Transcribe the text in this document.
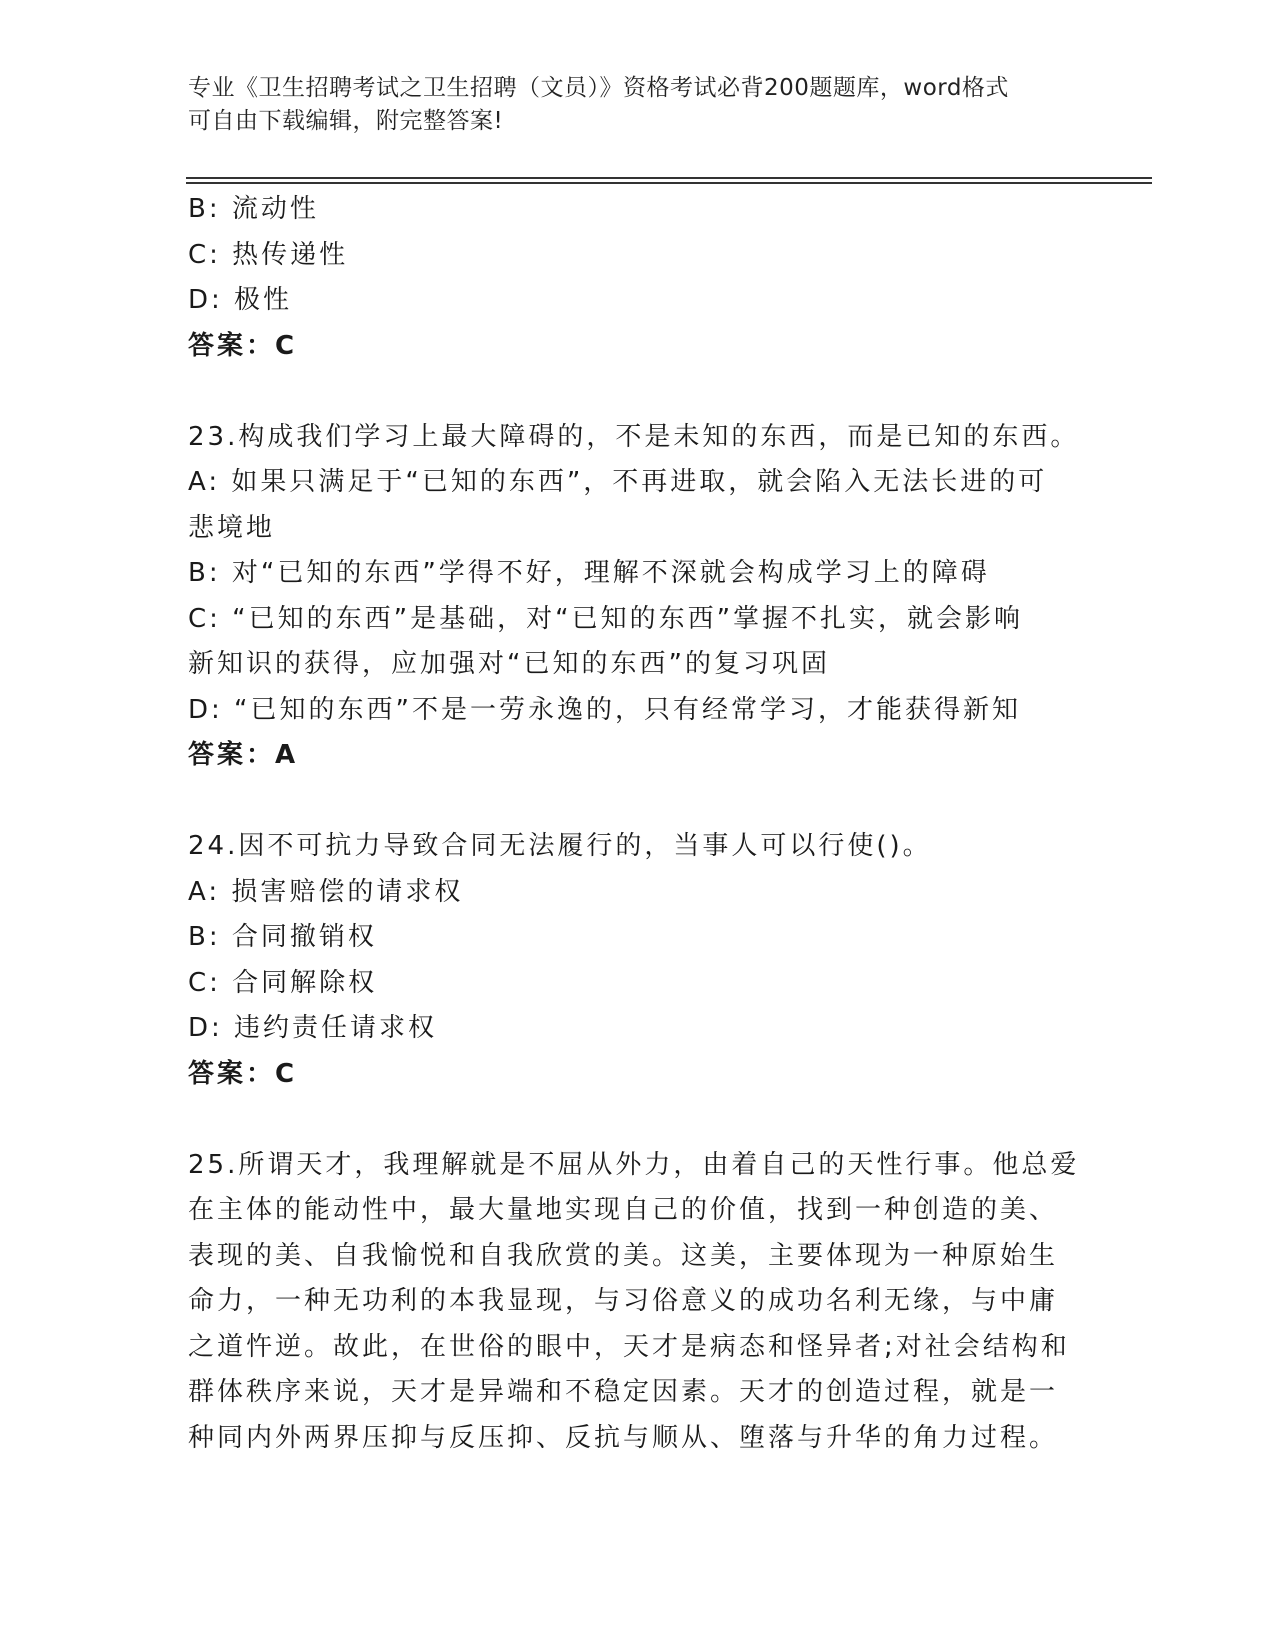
专业《卫生招聘考试之卫生招聘（文员）》资格考试必背200题题库，word格式
可自由下载编辑，附完整答案!
B: 流动性
C: 热传递性
D: 极性
答案：C
23.构成我们学习上最大障碍的，不是未知的东西，而是已知的东西。
A: 如果只满足于“已知的东西”，不再进取，就会陷入无法长进的可
悲境地
B: 对“已知的东西”学得不好，理解不深就会构成学习上的障碍
C: “已知的东西”是基础，对“已知的东西”掌握不扎实，就会影响
新知识的获得，应加强对“已知的东西”的复习巩固
D: “已知的东西”不是一劳永逸的，只有经常学习，才能获得新知
答案：A
24.因不可抗力导致合同无法履行的，当事人可以行使()。
A: 损害赔偿的请求权
B: 合同撤销权
C: 合同解除权
D: 违约责任请求权
答案：C
25.所谓天才，我理解就是不屈从外力，由着自己的天性行事。他总爱
在主体的能动性中，最大量地实现自己的价值，找到一种创造的美、
表现的美、自我愉悦和自我欣赏的美。这美，主要体现为一种原始生
命力，一种无功利的本我显现，与习俗意义的成功名利无缘，与中庸
之道忤逆。故此，在世俗的眼中，天才是病态和怪异者;对社会结构和
群体秩序来说，天才是异端和不稳定因素。天才的创造过程，就是一
种同内外两界压抑与反压抑、反抗与顺从、堕落与升华的角力过程。
